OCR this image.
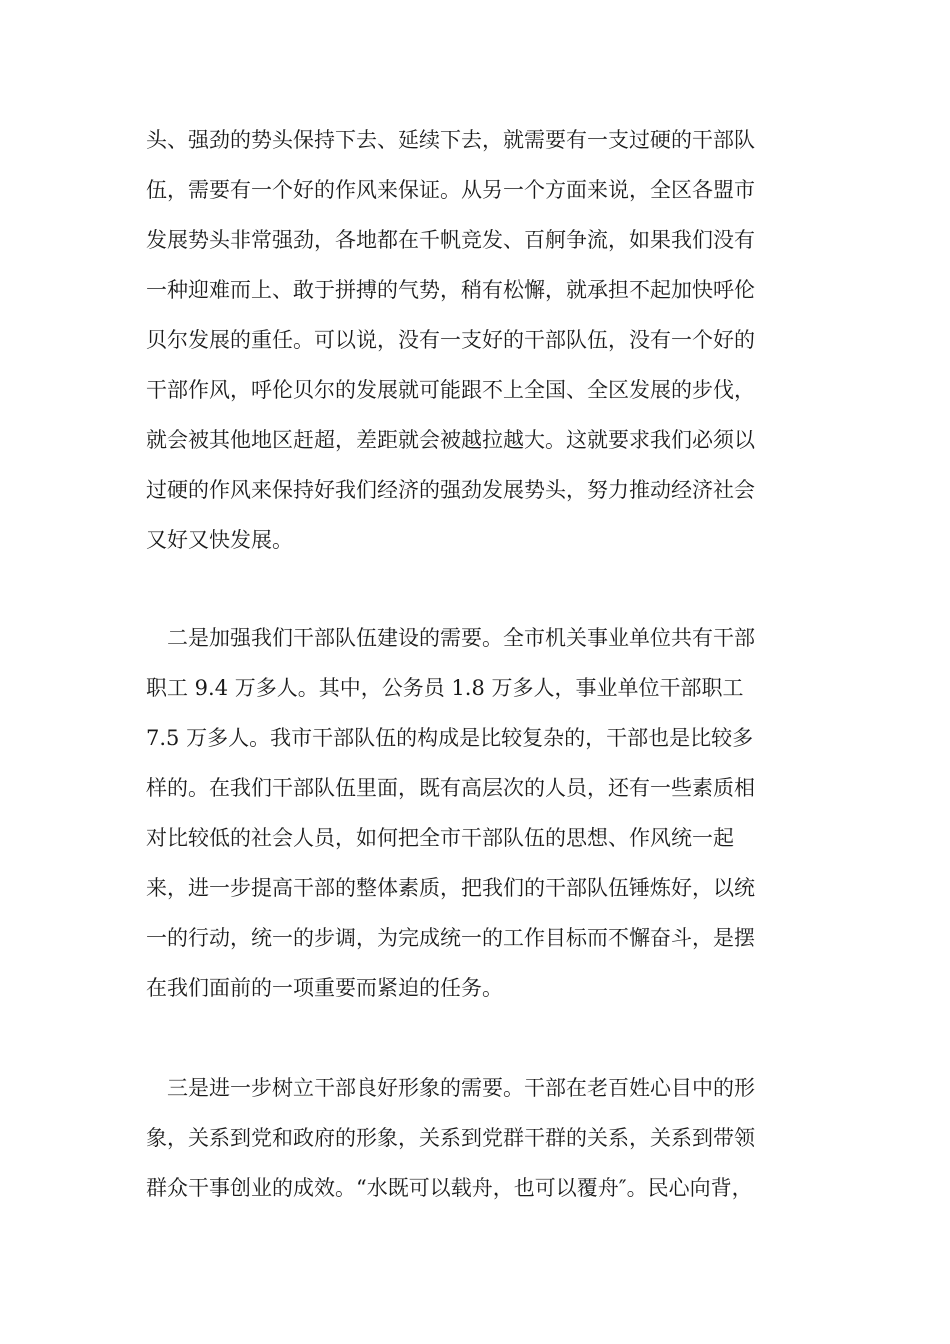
头、强劲的势头保持下去、延续下去，就需要有一支过硬的干部队
伍，需要有一个好的作风来保证。从另一个方面来说，全区各盟市
发展势头非常强劲，各地都在千帆竞发、百舸争流，如果我们没有
一种迎难而上、敢于拼搏的气势，稍有松懈，就承担不起加快呼伦
贝尔发展的重任。可以说，没有一支好的干部队伍，没有一个好的
干部作风，呼伦贝尔的发展就可能跟不上全国、全区发展的步伐，
就会被其他地区赶超，差距就会被越拉越大。这就要求我们必须以
过硬的作风来保持好我们经济的强劲发展势头，努力推动经济社会
又好又快发展。
　二是加强我们干部队伍建设的需要。全市机关事业单位共有干部
职工 9.4 万多人。其中，公务员 1.8 万多人，事业单位干部职工
7.5 万多人。我市干部队伍的构成是比较复杂的，干部也是比较多
样的。在我们干部队伍里面，既有高层次的人员，还有一些素质相
对比较低的社会人员，如何把全市干部队伍的思想、作风统一起
来，进一步提高干部的整体素质，把我们的干部队伍锤炼好，以统
一的行动，统一的步调，为完成统一的工作目标而不懈奋斗，是摆
在我们面前的一项重要而紧迫的任务。
　三是进一步树立干部良好形象的需要。干部在老百姓心目中的形
象，关系到党和政府的形象，关系到党群干群的关系，关系到带领
群众干事创业的成效。“水既可以载舟，也可以覆舟″。民心向背，
